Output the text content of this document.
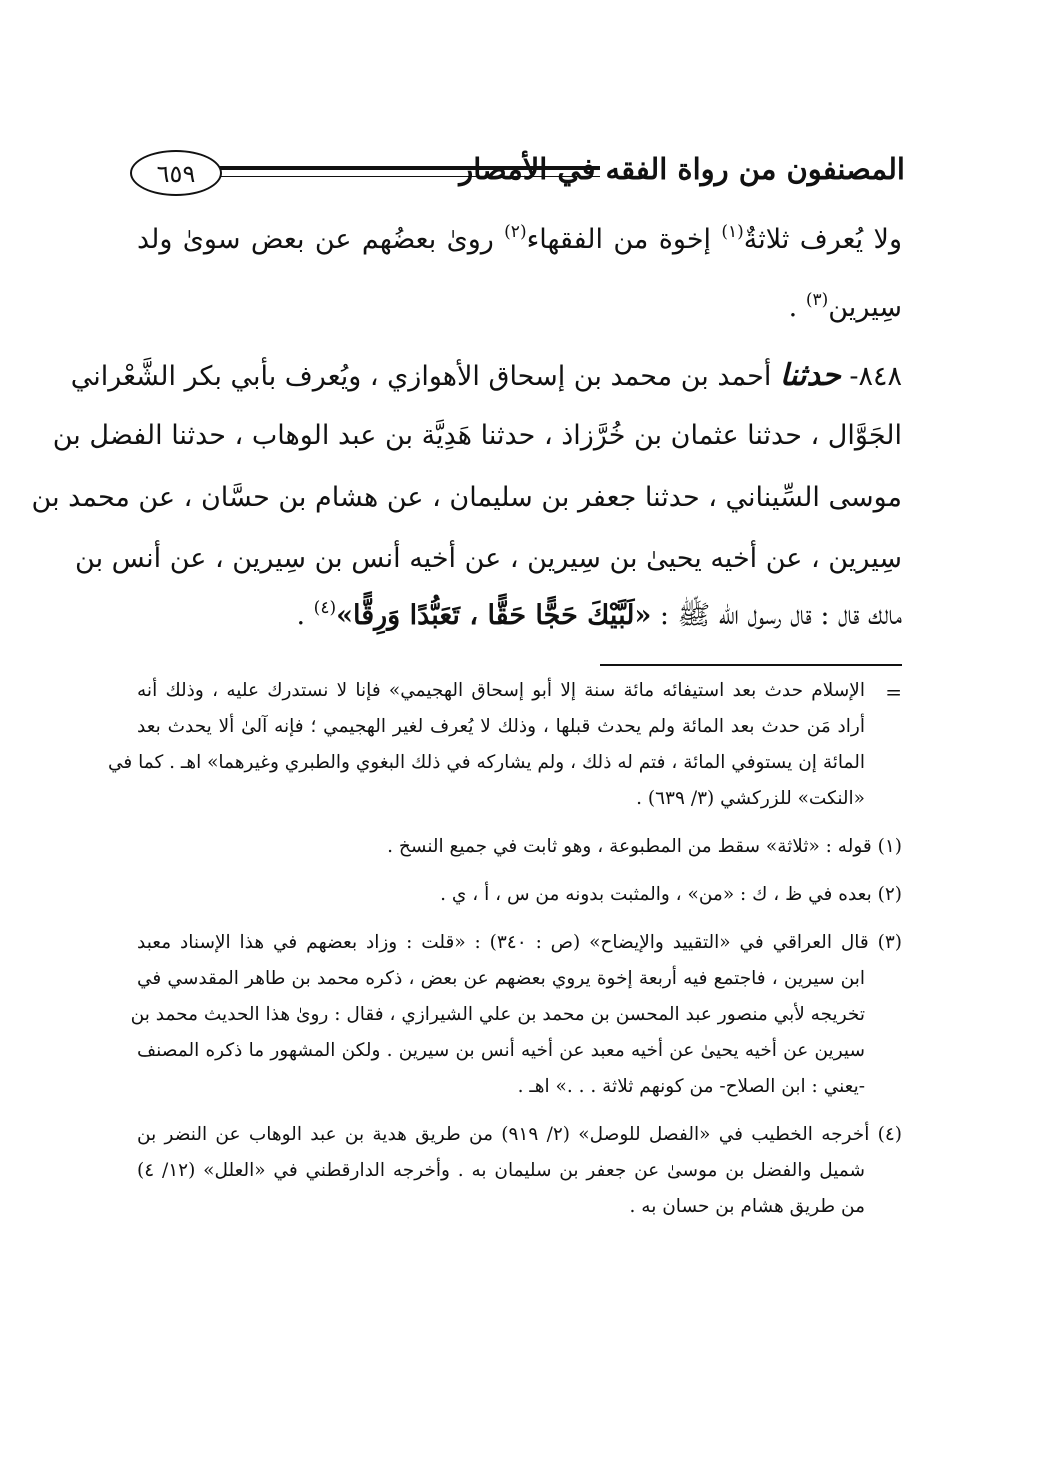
المصنفون من رواة الفقه في الأمصار
٦٥٩
ولا يُعرف ثلاثةٌ$^{(١)}$ إخوة من الفقهاء$^{(٢)}$ روىٰ بعضُهم عن بعض سوىٰ ولد
سِيرين$^{(٣)}$ .
٨٤٨- حدثنا أحمد بن محمد بن إسحاق الأهوازي ، ويُعرف بأبي بكر الشَّعْراني
الجَوَّال ، حدثنا عثمان بن خُرَّزاذ ، حدثنا هَدِيَّة بن عبد الوهاب ، حدثنا الفضل بن
موسى السِّيناني ، حدثنا جعفر بن سليمان ، عن هشام بن حسَّان ، عن محمد بن
سِيرين ، عن أخيه يحيىٰ بن سِيرين ، عن أخيه أنس بن سِيرين ، عن أنس بن
مالك قال : قال رسول الله ﷺ : «لَبَّيْكَ حَجًّا حَقًّا ، تَعَبُّدًا وَرِقًّا»$^{(٤)}$ .
=
الإسلام حدث بعد استيفائه مائة سنة إلا أبو إسحاق الهجيمي» فإنا لا نستدرك عليه ، وذلك أنه
أراد مَن حدث بعد المائة ولم يحدث قبلها ، وذلك لا يُعرف لغير الهجيمي ؛ فإنه آلىٰ ألا يحدث بعد
المائة إن يستوفي المائة ، فتم له ذلك ، ولم يشاركه في ذلك البغوي والطبري وغيرهما» اهـ . كما في
«النكت» للزركشي (٣/ ٦٣٩) .
(١) قوله : «ثلاثة» سقط من المطبوعة ، وهو ثابت في جميع النسخ .
(٢) بعده في ظ ، ك : «من» ، والمثبت بدونه من س ، أ ، ي .
(٣) قال العراقي في «التقييد والإيضاح» (ص : ٣٤٠) : «قلت : وزاد بعضهم في هذا الإسناد معبد
ابن سيرين ، فاجتمع فيه أربعة إخوة يروي بعضهم عن بعض ، ذكره محمد بن طاهر المقدسي في
تخريجه لأبي منصور عبد المحسن بن محمد بن علي الشيرازي ، فقال : روىٰ هذا الحديث محمد بن
سيرين عن أخيه يحيىٰ عن أخيه معبد عن أخيه أنس بن سيرين . ولكن المشهور ما ذكره المصنف
-يعني : ابن الصلاح- من كونهم ثلاثة . . .» اهـ .
(٤) أخرجه الخطيب في «الفصل للوصل» (٢/ ٩١٩) من طريق هدية بن عبد الوهاب عن النضر بن
شميل والفضل بن موسىٰ عن جعفر بن سليمان به . وأخرجه الدارقطني في «العلل» (١٢/ ٤)
من طريق هشام بن حسان به .
